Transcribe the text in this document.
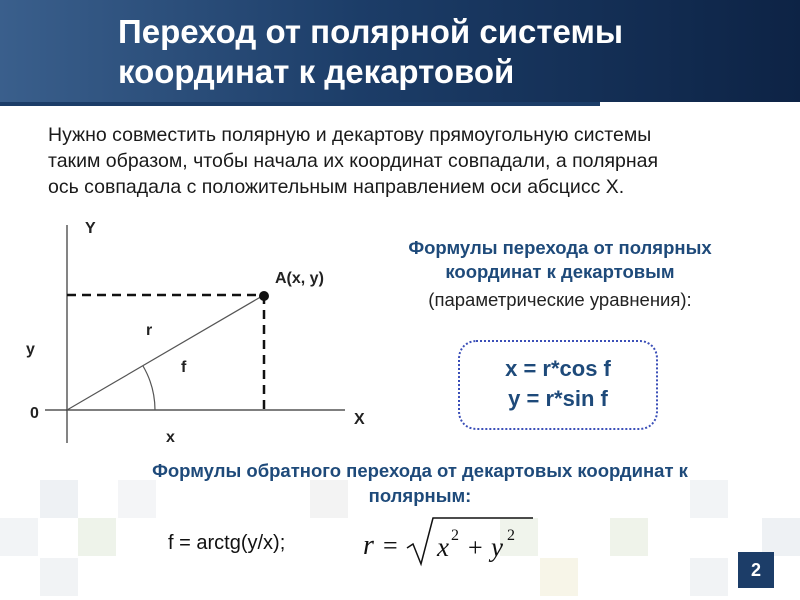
Переход от полярной системы
координат к декартовой

Нужно совместить полярную и декартову прямоугольную системы
таким образом, чтобы начала их координат совпадали, а полярная
ось совпадала с положительным направлением оси абсцисс X.

Y
X
0
A(x, y)
r
f
x
y
Формулы перехода от полярных
координат к декартовым
(параметрические уравнения):
x = r*cos f
y = r*sin f
Формулы обратного перехода от декартовых координат к
полярным:
f = arctg(y/x);	r = x 2 + y 2
2
